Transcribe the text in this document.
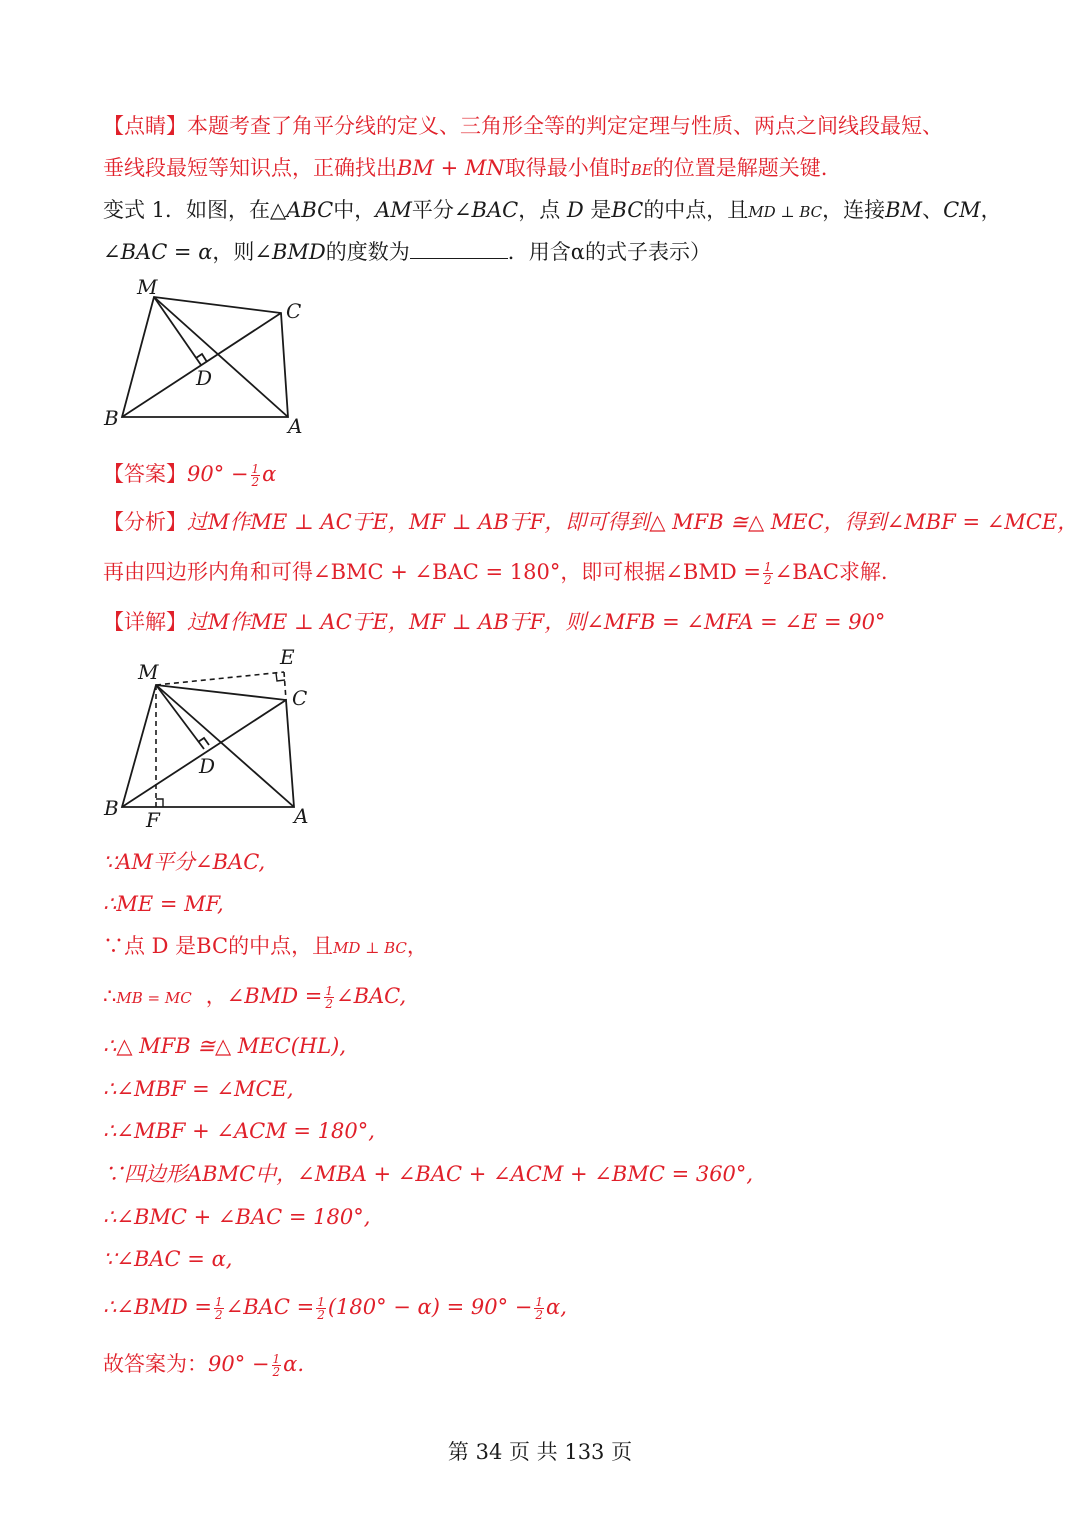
【点睛】本题考查了角平分线的定义、三角形全等的判定定理与性质、两点之间线段最短、
垂线段最短等知识点，正确找出BM + MN取得最小值时BE的位置是解题关键.
变式 1．如图，在△ABC中，AM平分∠BAC，点 D 是BC的中点，且MD ⊥ BC，连接BM、CM，
∠BAC = α，则∠BMD的度数为	．用含α的式子表示）
M
C
D
B	A
【答案】$90^\circ - \frac{1}{2}$ α
【分析】过M作ME ⊥ AC于E，MF ⊥ AB于F，即可得到△ MFB ≅△ MEC，得到∠MBF = ∠MCE，
再由四边形内角和可得∠BMC + ∠BAC = 180°，即可根据∠BMD = $\frac{1}{2}$ ∠BAC求解.
【详解】过M作ME ⊥ AC于E，MF ⊥ AB于F，则∠MFB = ∠MFA = ∠E = 90°
M
E
C
D
B F	A
∵AM平分∠BAC,
∴ME = MF,
∵点 D 是BC的中点，且MD ⊥ BC，
∴MB = MC ，∠BMD = $\frac{1}{2}$ ∠BAC,
∴△ MFB ≅△ MEC(HL),
∴∠MBF = ∠MCE,
∴∠MBF + ∠ACM = 180°,
∵四边形ABMC中，∠MBA + ∠BAC + ∠ACM + ∠BMC = 360°,
∴∠BMC + ∠BAC = 180°,
∵∠BAC = α,
∴∠BMD = $\frac{1}{2}$ ∠BAC = $\frac{1}{2} (180^\circ - \alpha) = 90^\circ - \frac{1}{2} \alpha$,
故答案为：$90^\circ - \frac{1}{2} \alpha$.
第 34 页 共 133 页
